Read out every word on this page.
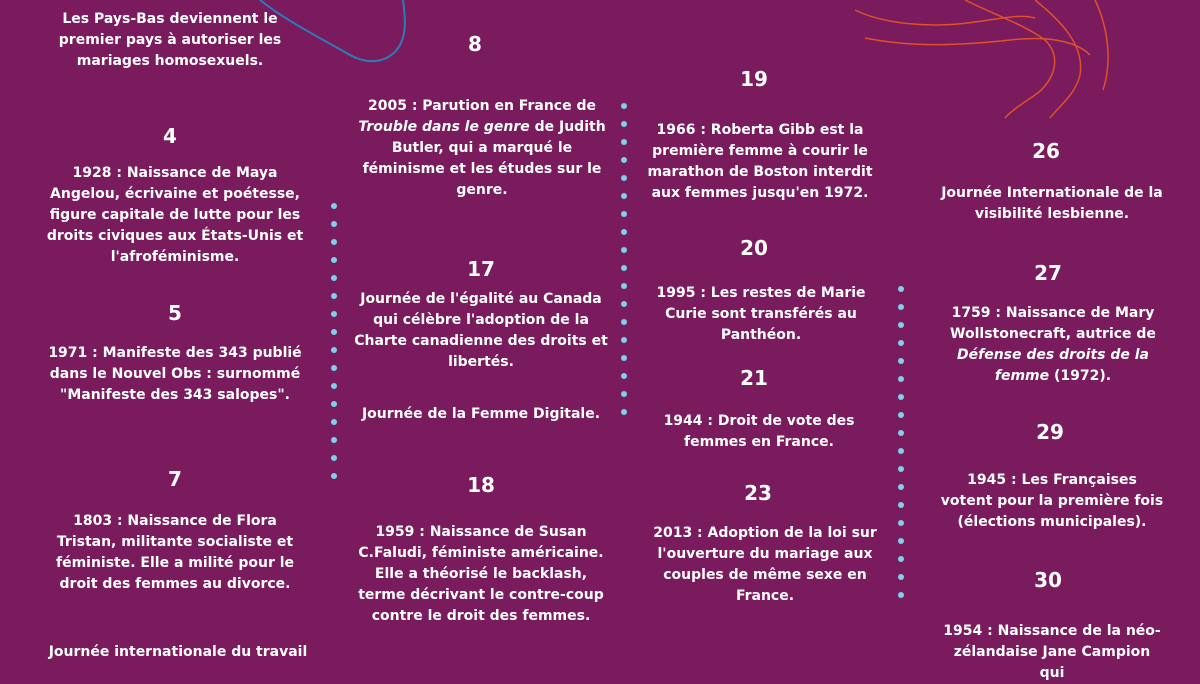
Les Pays-Bas deviennent le premier pays à autoriser les mariages homosexuels.
4
1928 : Naissance de Maya Angelou, écrivaine et poétesse, figure capitale de lutte pour les droits civiques aux États-Unis et l'afroféminisme.
5
1971 : Manifeste des 343 publié dans le Nouvel Obs : surnommé "Manifeste des 343 salopes".
7
1803 : Naissance de Flora Tristan, militante socialiste et féministe. Elle a milité pour le droit des femmes au divorce.
Journée internationale du travail
8
2005 : Parution en France de Trouble dans le genre de Judith Butler, qui a marqué le féminisme et les études sur le genre.
17
Journée de l'égalité au Canada qui célèbre l'adoption de la Charte canadienne des droits et libertés.
Journée de la Femme Digitale.
18
1959 : Naissance de Susan C.Faludi, féministe américaine. Elle a théorisé le backlash, terme décrivant le contre-coup contre le droit des femmes.
19
1966 : Roberta Gibb est la première femme à courir le marathon de Boston interdit aux femmes jusqu'en 1972.
20
1995 : Les restes de Marie Curie sont transférés au Panthéon.
21
1944 : Droit de vote des femmes en France.
23
2013 : Adoption de la loi sur l'ouverture du mariage aux couples de même sexe en France.
26
Journée Internationale de la visibilité lesbienne.
27
1759 : Naissance de Mary Wollstonecraft, autrice de Défense des droits de la femme (1972).
29
1945 : Les Françaises votent pour la première fois (élections municipales).
30
1954 : Naissance de la néo-zélandaise Jane Campion qui
